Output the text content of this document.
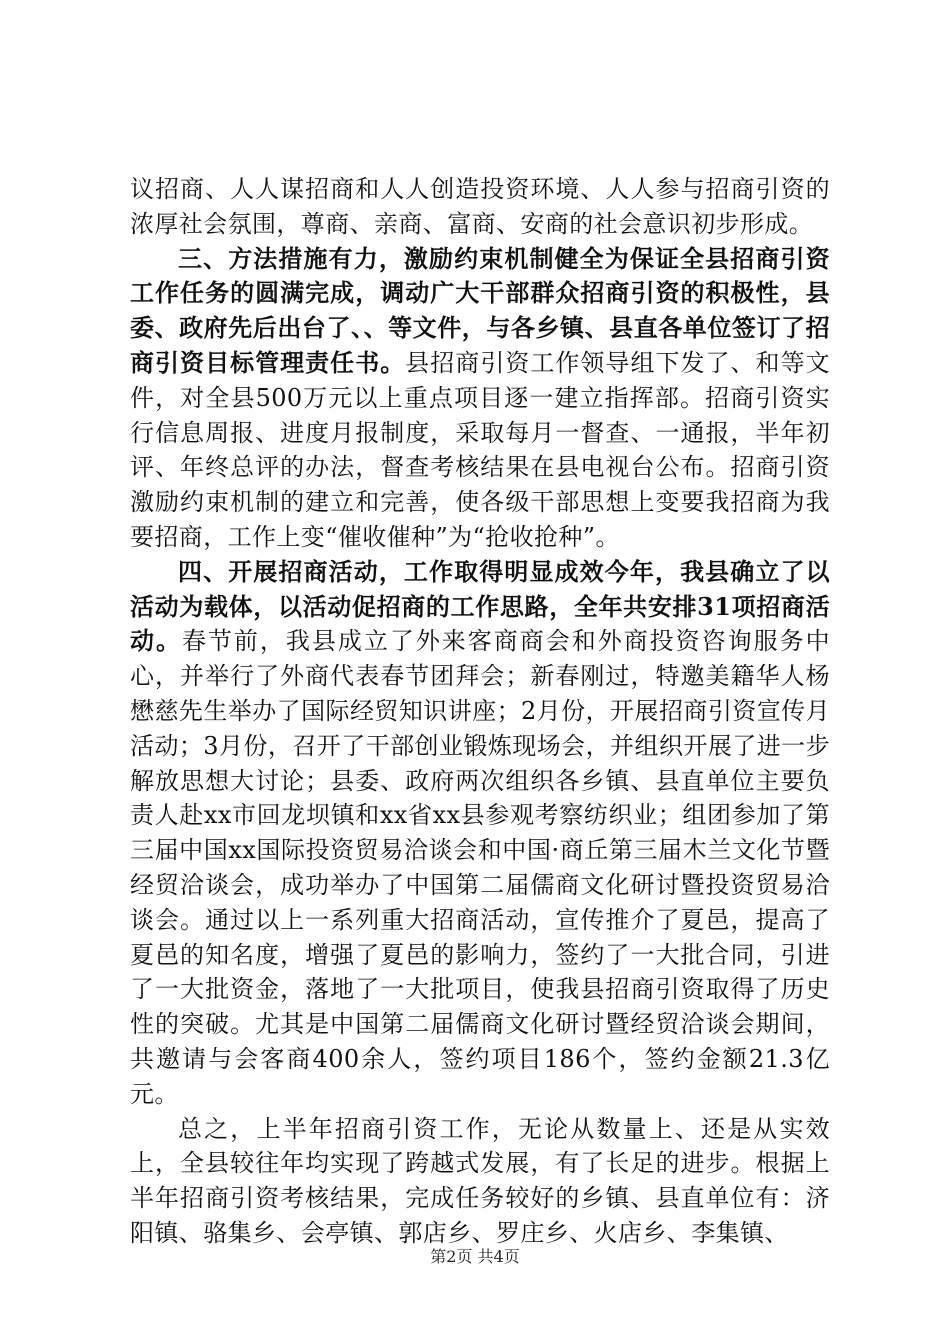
议招商、人人谋招商和人人创造投资环境、人人参与招商引资的浓厚社会氛围，尊商、亲商、富商、安商的社会意识初步形成。

三、方法措施有力，激励约束机制健全为保证全县招商引资工作任务的圆满完成，调动广大干部群众招商引资的积极性，县委、政府先后出台了、、等文件，与各乡镇、县直各单位签订了招商引资目标管理责任书。县招商引资工作领导组下发了、和等文件，对全县500万元以上重点项目逐一建立指挥部。招商引资实行信息周报、进度月报制度，采取每月一督查、一通报，半年初评、年终总评的办法，督查考核结果在县电视台公布。招商引资激励约束机制的建立和完善，使各级干部思想上变要我招商为我要招商，工作上变“催收催种”为“抢收抢种”。

四、开展招商活动，工作取得明显成效今年，我县确立了以活动为载体，以活动促招商的工作思路，全年共安排31项招商活动。春节前，我县成立了外来客商商会和外商投资咨询服务中心，并举行了外商代表春节团拜会；新春刚过，特邀美籍华人杨懋慈先生举办了国际经贸知识讲座；2月份，开展招商引资宣传月活动；3月份，召开了干部创业锻炼现场会，并组织开展了进一步解放思想大讨论；县委、政府两次组织各乡镇、县直单位主要负责人赴xx市回龙坝镇和xx省xx县参观考察纺织业；组团参加了第三届中国xx国际投资贸易洽谈会和中国·商丘第三届木兰文化节暨经贸洽谈会，成功举办了中国第二届儒商文化研讨暨投资贸易洽谈会。通过以上一系列重大招商活动，宣传推介了夏邑，提高了夏邑的知名度，增强了夏邑的影响力，签约了一大批合同，引进了一大批资金，落地了一大批项目，使我县招商引资取得了历史性的突破。尤其是中国第二届儒商文化研讨暨经贸洽谈会期间，共邀请与会客商400余人，签约项目186个，签约金额21.3亿元。

总之，上半年招商引资工作，无论从数量上、还是从实效上，全县较往年均实现了跨越式发展，有了长足的进步。根据上半年招商引资考核结果，完成任务较好的乡镇、县直单位有：济阳镇、骆集乡、会亭镇、郭店乡、罗庄乡、火店乡、李集镇、

第2页 共4页
